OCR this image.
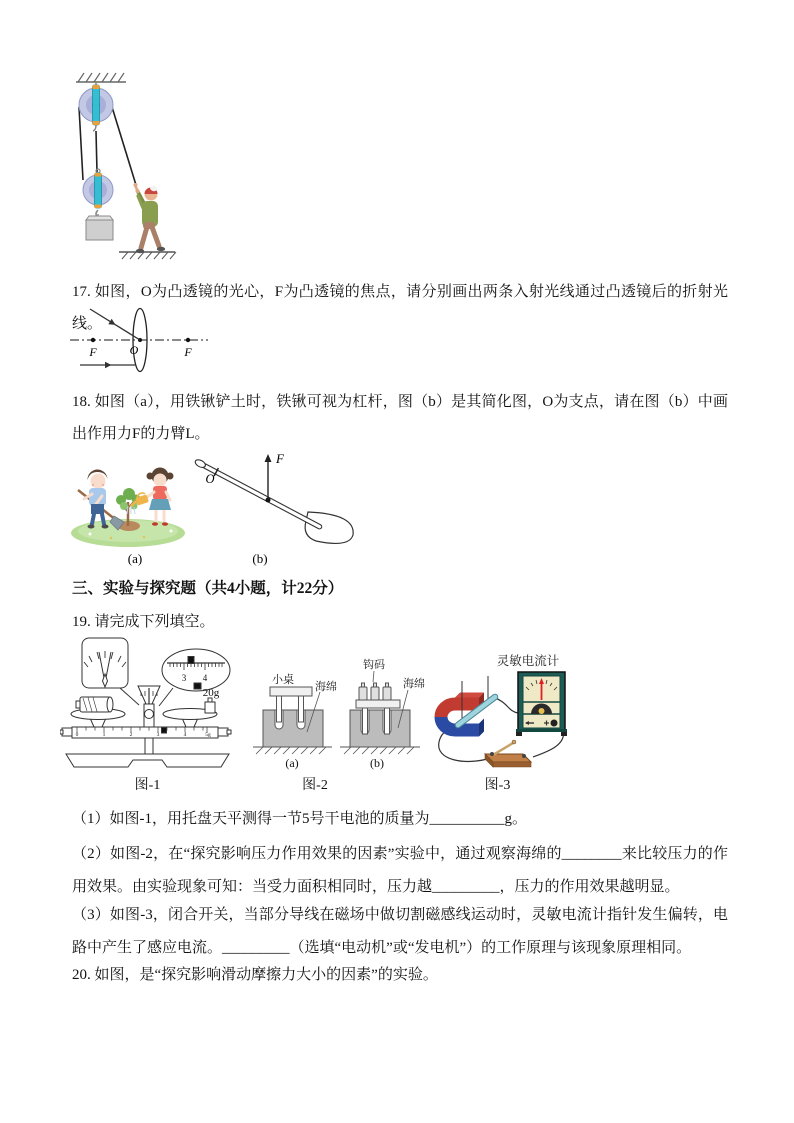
17. 如图，O为凸透镜的光心，F为凸透镜的焦点，请分别画出两条入射光线通过凸透镜后的折射光线。
F	O	F
18. 如图（a），用铁锹铲土时，铁锹可视为杠杆，图（b）是其简化图，O为支点，请在图（b）中画出作用力F的力臂L。
O
F
(a)	(b)
三、实验与探究题（共4小题，计22分）
19. 请完成下列填空。
3 4
20g
0	1	2	3	4	5g
小桌
海绵
钩码
海绵
(a)	(b)
灵敏电流计
图-1	图-2	图-3
（1）如图-1，用托盘天平测得一节5号干电池的质量为__________g。
（2）如图-2，在“探究影响压力作用效果的因素”实验中，通过观察海绵的________来比较压力的作用效果。由实验现象可知：当受力面积相同时，压力越_________，压力的作用效果越明显。
（3）如图-3，闭合开关，当部分导线在磁场中做切割磁感线运动时，灵敏电流计指针发生偏转，电路中产生了感应电流。_________（选填“电动机”或“发电机”）的工作原理与该现象原理相同。
20. 如图，是“探究影响滑动摩擦力大小的因素”的实验。
